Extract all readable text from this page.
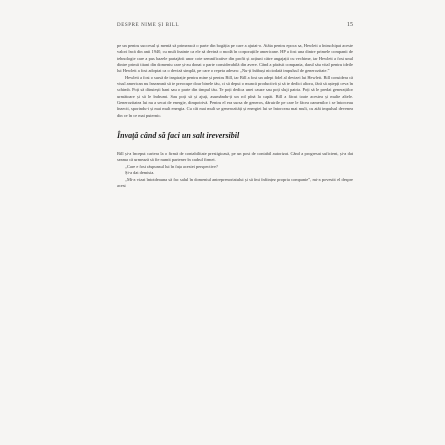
DESPRE NIME ȘI BILL	15

pe un pentru succesul și mentă să primească o parte din bogăția pe care a ajutat-o. Atâta pentru epoca sa, Hewlett a întruchipat aceste valori încă din anii 1940, cu mult înainte ca ele să devină o modă în corporațiile americane. HP a fost una dintre primele companii de tehnologie care a pus bazele partajării unor cote semnificative din profit și acțiuni către angajații cu vechime, iar Hewlett a fost unul dintre primii titani din domeniu care și-au donat o parte considerabilă din avere. Când a părăsit compania, darul său vital pentru ideile lui Hewlett a fost adoptat ca o deviză simplă, pe care o repeta adesea: „Nu-ți înăbuși niciodată impulsul de generozitate.”

Hewlett a fost o sursă de inspirație pentru mine și pentru Bill, iar Bill a fost un adept fidel al devizei lui Hewlett. Bill considera că visul american nu înseamnă să te preocupe doar binele tău, ci să depui o muncă productivă și să te dedici altora, fără să aștepți ceva în schimb. Poți să dăruiești bani sau o parte din timpul tău. Te poți dedica unei cauze sau poți sluji patria. Poți să le predai generațiilor următoare și să le îndrumi. Sau poți să și ajuți, asumându-ți un rol pînă la capăt. Bill a făcut toate acestea și multe altele. Generozitatea lui nu a secat de energie, dimpotrivă. Pentru el era sursa de generos, dăruirile pe care le făcea oamenilor i se întorceau înzecit, sporindu-i și mai mult energia. Cu cât mai mult se generozități și energiei lui se întorceau mai mult, cu atât impulsul devenea din ce în ce mai puternic.

Învață când să faci un salt ireversibil

Bill și-a început cariera la o firmă de contabilitate prestigioasă, pe un post de contabil autorizat. Când a progresat suficient, și-a dat seama că urmează să fie numit partener în cadrul firmei.

„Care e fost răspunsul lui în fața acestei perspective?

Și-a dat demisia.

„Mi-a vizat întotdeauna să fac salul în domeniul antreprenoriatului și să îmi înființez propria companie”, mi-a povestit el despre acest
